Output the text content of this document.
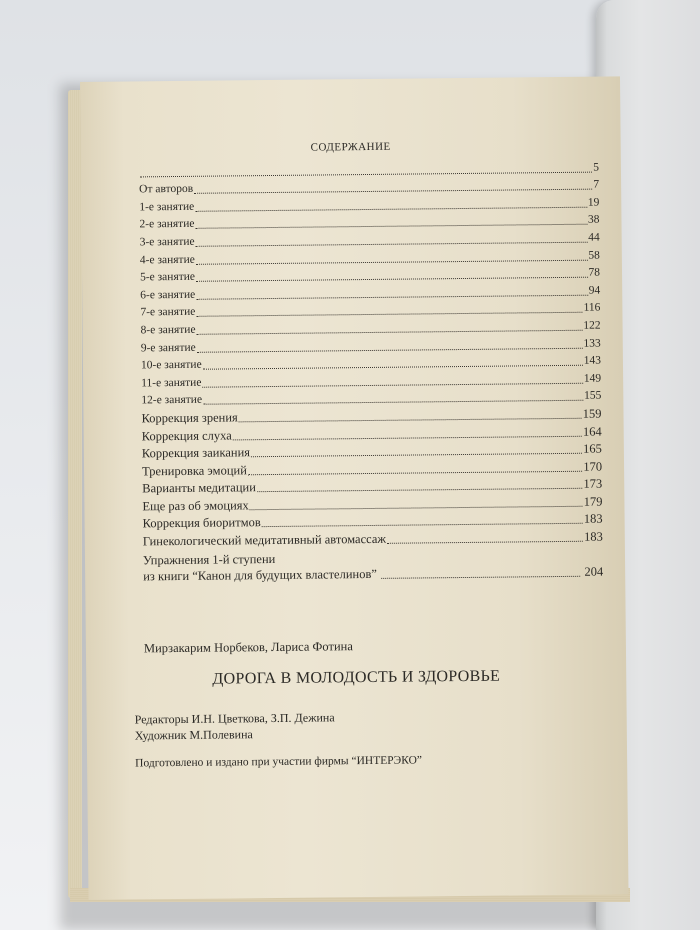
СОДЕРЖАНИЕ
5
От авторов	7
1-е занятие	19
2-е занятие	38
3-е занятие	44
4-е занятие	58
5-е занятие	78
6-е занятие	94
7-е занятие	116
8-е занятие	122
9-е занятие	133
10-е занятие	143
11-е занятие	149
12-е занятие	155
Коррекция зрения	159
Коррекция слуха	164
Коррекция заикания	165
Тренировка эмоций	170
Варианты медитации	173
Еще раз об эмоциях	179
Коррекция биоритмов	183
Гинекологический медитативный автомассаж	183
Упражнения 1-й ступени
из книги “Канон для будущих властелинов”	204
Мирзакарим Норбеков, Лариса Фотина
ДОРОГА В МОЛОДОСТЬ И ЗДОРОВЬЕ
Редакторы И.Н. Цветкова, З.П. Дежина
Художник М.Полевина
Подготовлено и издано при участии фирмы “ИНТЕРЭКО”
